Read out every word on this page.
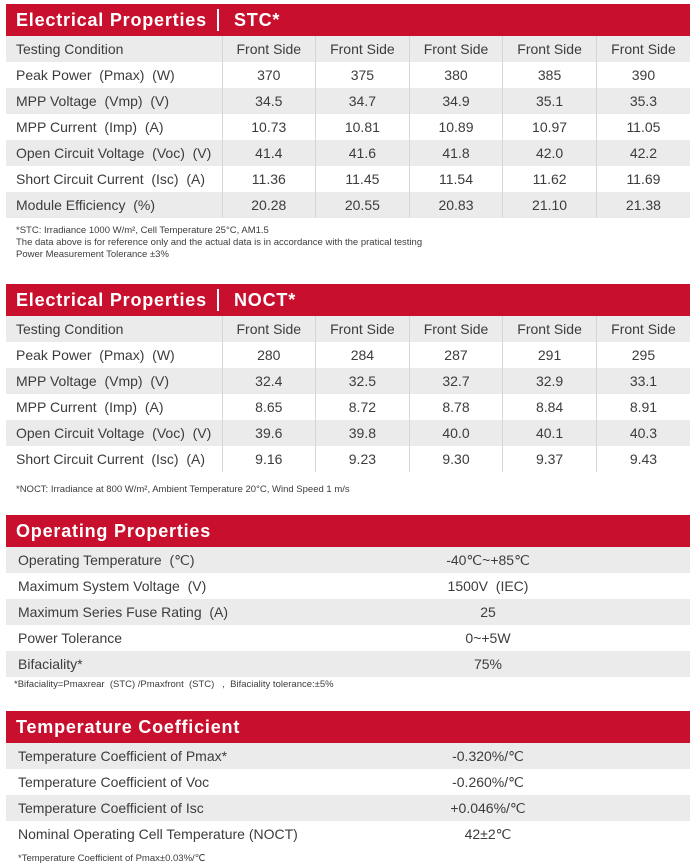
Electrical Properties	STC*
Testing Condition	Front Side	Front Side	Front Side	Front Side	Front Side
Peak Power  (Pmax)  (W)	370	375	380	385	390
MPP Voltage  (Vmp)  (V)	34.5	34.7	34.9	35.1	35.3
MPP Current  (Imp)  (A)	10.73	10.81	10.89	10.97	11.05
Open Circuit Voltage  (Voc)  (V)	41.4	41.6	41.8	42.0	42.2
Short Circuit Current  (Isc)  (A)	11.36	11.45	11.54	11.62	11.69
Module Efficiency  (%)	20.28	20.55	20.83	21.10	21.38
*STC: Irradiance 1000 W/m², Cell Temperature 25°C, AM1.5
The data above is for reference only and the actual data is in accordance with the pratical testing
Power Measurement Tolerance ±3%
Electrical Properties	NOCT*
Testing Condition	Front Side	Front Side	Front Side	Front Side	Front Side
Peak Power  (Pmax)  (W)	280	284	287	291	295
MPP Voltage  (Vmp)  (V)	32.4	32.5	32.7	32.9	33.1
MPP Current  (Imp)  (A)	8.65	8.72	8.78	8.84	8.91
Open Circuit Voltage  (Voc)  (V)	39.6	39.8	40.0	40.1	40.3
Short Circuit Current  (Isc)  (A)	9.16	9.23	9.30	9.37	9.43
*NOCT: Irradiance at 800 W/m², Ambient Temperature 20°C, Wind Speed 1 m/s
Operating Properties
Operating Temperature  (℃)	-40℃~+85℃
Maximum System Voltage  (V)	1500V  (IEC)
Maximum Series Fuse Rating  (A)	25
Power Tolerance	0~+5W
Bifaciality*	75%
*Bifaciality=Pmaxrear  (STC) /Pmaxfront  (STC)   ,  Bifaciality tolerance:±5%
Temperature Coefficient
Temperature Coefficient of Pmax*	-0.320%/℃
Temperature Coefficient of Voc	-0.260%/℃
Temperature Coefficient of Isc	+0.046%/℃
Nominal Operating Cell Temperature (NOCT)	42±2℃
*Temperature Coefficient of Pmax±0.03%/℃
